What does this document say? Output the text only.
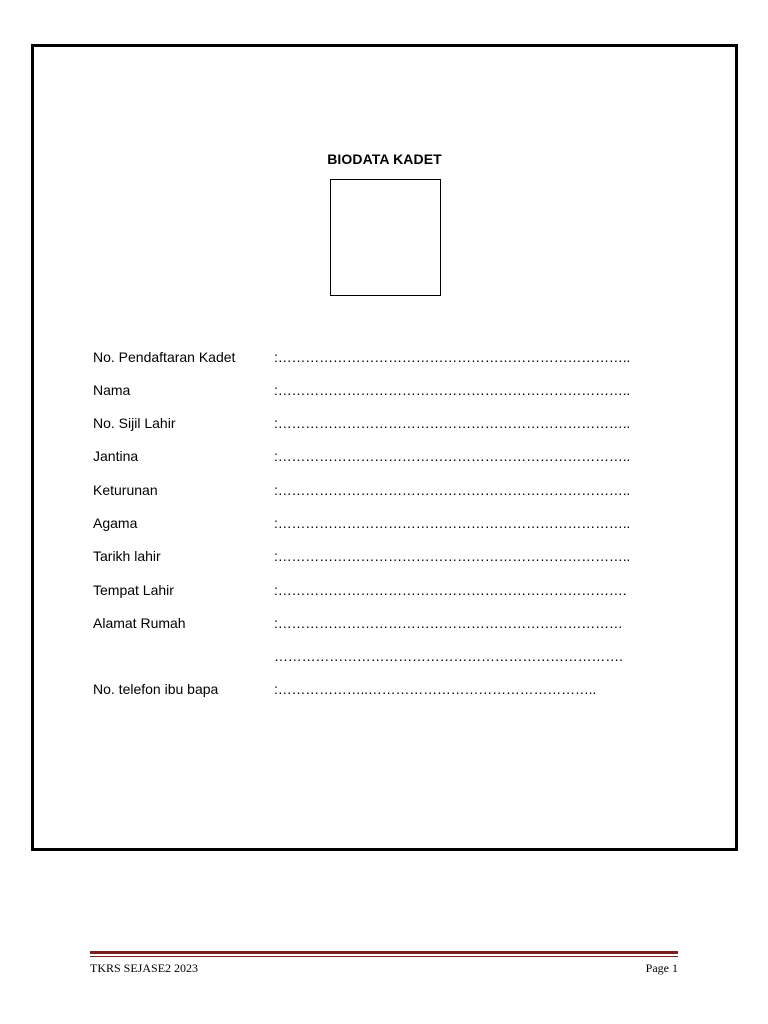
BIODATA KADET
No. Pendaftaran Kadet	:…………………………………………………………………..
Nama	:…………………………………………………………………..
No. Sijil Lahir	:…………………………………………………………………..
Jantina	:…………………………………………………………………..
Keturunan	:…………………………………………………………………..
Agama	:…………………………………………………………………..
Tarikh lahir	:…………………………………………………………………..
Tempat Lahir	:………………………………………………………………….
Alamat Rumah	:…………………………………………………………………
………………………………………………………………….
No. telefon ibu bapa	:………………..…………………………………………..
TKRS SEJASE2 2023	Page 1
